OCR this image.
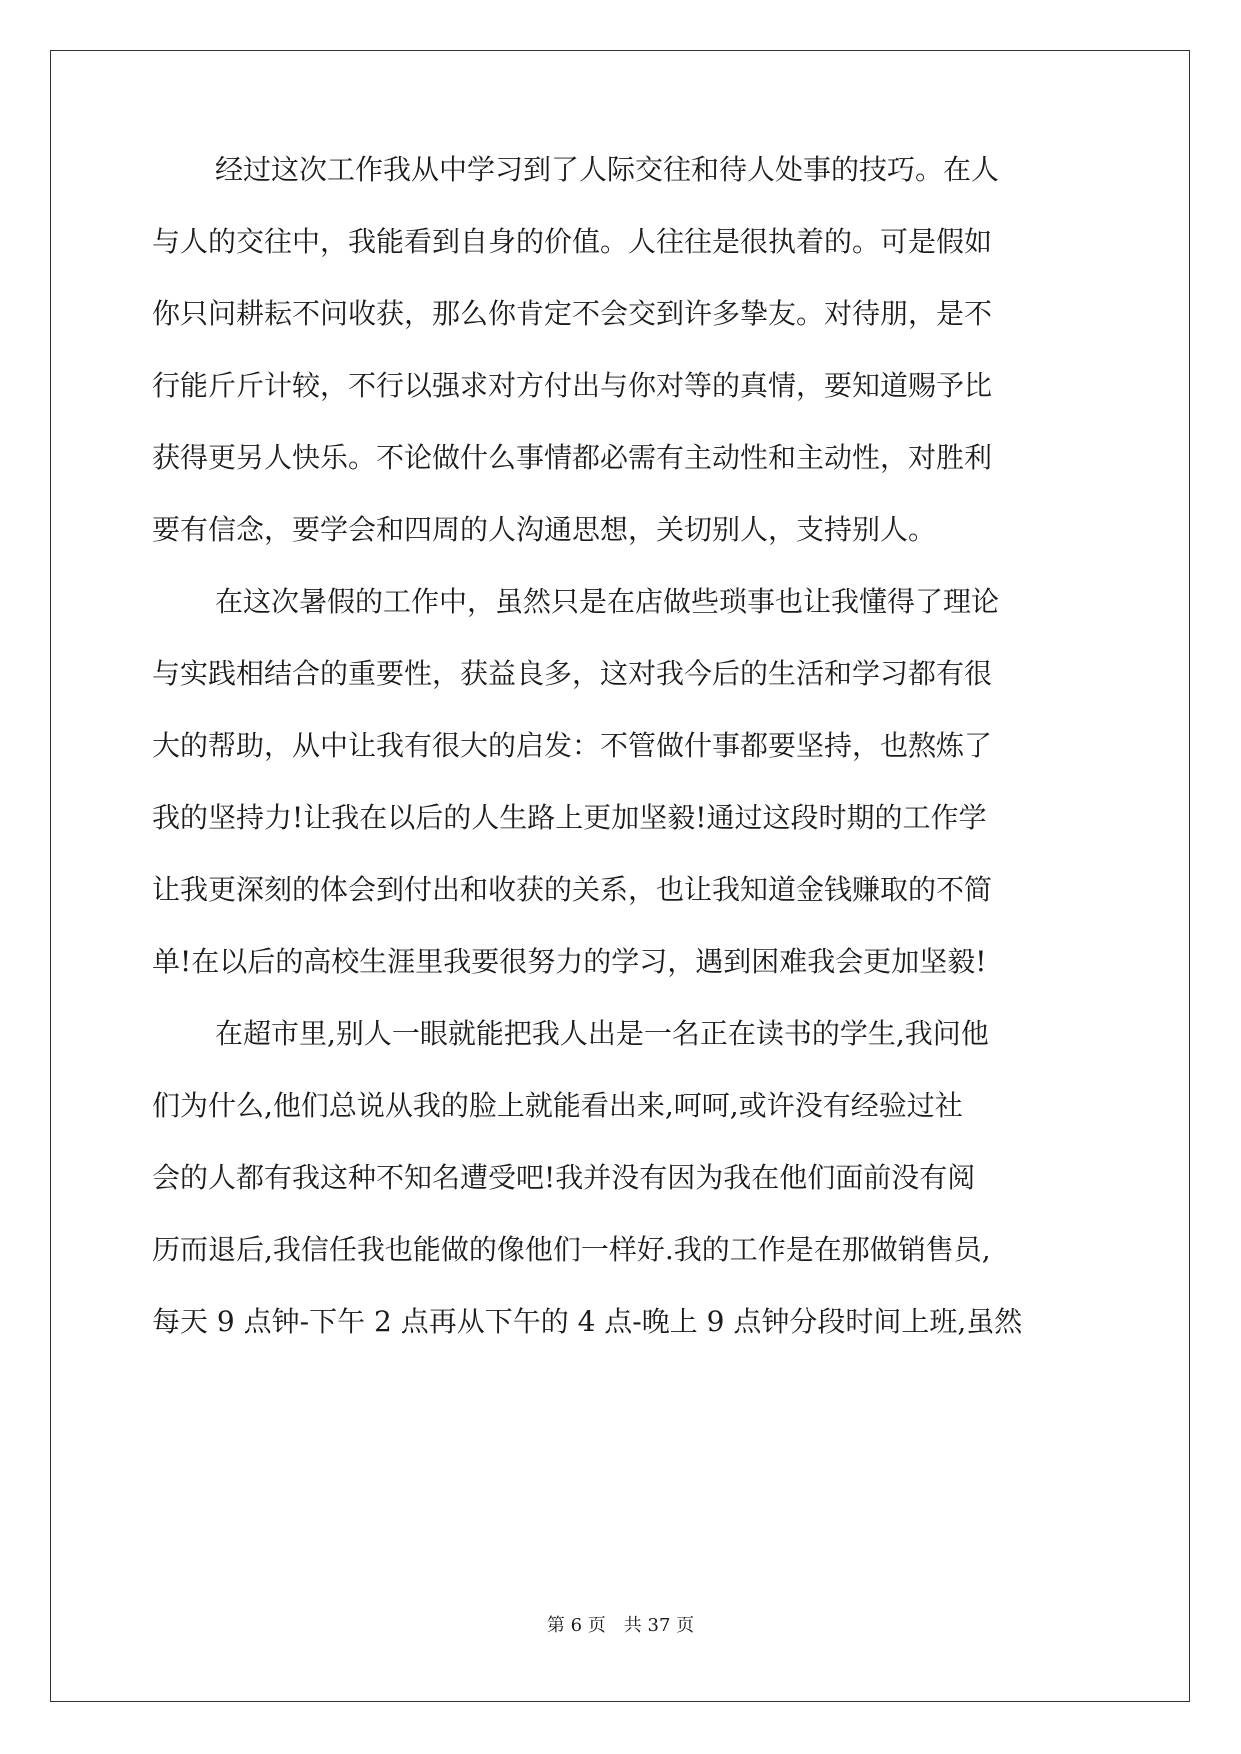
经过这次工作我从中学习到了人际交往和待人处事的技巧。在人
与人的交往中，我能看到自身的价值。人往往是很执着的。可是假如
你只问耕耘不问收获，那么你肯定不会交到许多挚友。对待朋，是不
行能斤斤计较，不行以强求对方付出与你对等的真情，要知道赐予比
获得更另人快乐。不论做什么事情都必需有主动性和主动性，对胜利
要有信念，要学会和四周的人沟通思想，关切别人，支持别人。
在这次暑假的工作中，虽然只是在店做些琐事也让我懂得了理论
与实践相结合的重要性，获益良多，这对我今后的生活和学习都有很
大的帮助，从中让我有很大的启发：不管做什事都要坚持，也熬炼了
我的坚持力!让我在以后的人生路上更加坚毅!通过这段时期的工作学
让我更深刻的体会到付出和收获的关系，也让我知道金钱赚取的不简
单!在以后的高校生涯里我要很努力的学习，遇到困难我会更加坚毅!
在超市里,别人一眼就能把我人出是一名正在读书的学生,我问他
们为什么,他们总说从我的脸上就能看出来,呵呵,或许没有经验过社
会的人都有我这种不知名遭受吧!我并没有因为我在他们面前没有阅
历而退后,我信任我也能做的像他们一样好.我的工作是在那做销售员,
每天 9 点钟-下午 2 点再从下午的 4 点-晚上 9 点钟分段时间上班,虽然
第 6 页 共 37 页
